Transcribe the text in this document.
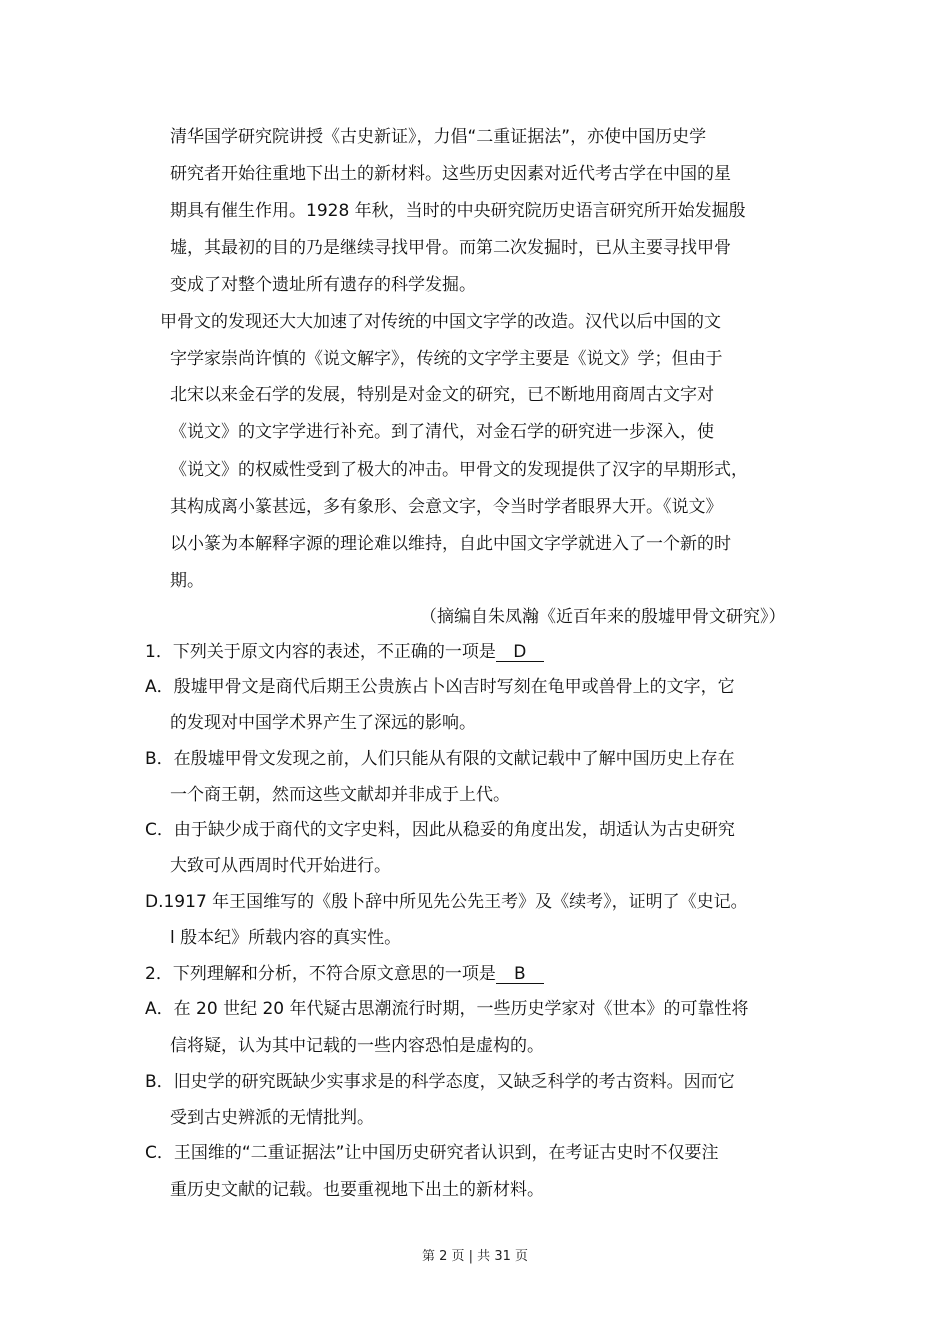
清华国学研究院讲授《古史新证》，力倡“二重证据法”，亦使中国历史学
研究者开始往重地下出土的新材料。这些历史因素对近代考古学在中国的星
期具有催生作用。1928 年秋，当时的中央研究院历史语言研究所开始发掘殷
墟，其最初的目的乃是继续寻找甲骨。而第二次发掘时，已从主要寻找甲骨
变成了对整个遗址所有遗存的科学发掘。
甲骨文的发现还大大加速了对传统的中国文字学的改造。汉代以后中国的文
字学家崇尚许慎的《说文解字》，传统的文字学主要是《说文》学；但由于
北宋以来金石学的发展，特别是对金文的研究，已不断地用商周古文字对
《说文》的文字学进行补充。到了清代，对金石学的研究进一步深入，使
《说文》的权威性受到了极大的冲击。甲骨文的发现提供了汉字的早期形式，
其构成离小篆甚远，多有象形、会意文字，令当时学者眼界大开。《说文》
以小篆为本解释字源的理论难以维持，自此中国文字学就进入了一个新的时
期。
（摘编自朱凤瀚《近百年来的殷墟甲骨文研究》）
1．下列关于原文内容的表述，不正确的一项是 D
A．殷墟甲骨文是商代后期王公贵族占卜凶吉时写刻在龟甲或兽骨上的文字，它
的发现对中国学术界产生了深远的影响。
B．在殷墟甲骨文发现之前，人们只能从有限的文献记载中了解中国历史上存在
一个商王朝，然而这些文献却并非成于上代。
C．由于缺少成于商代的文字史料，因此从稳妥的角度出发，胡适认为古史研究
大致可从西周时代开始进行。
D.1917 年王国维写的《殷卜辞中所见先公先王考》及《续考》，证明了《史记。
l 殷本纪》所载内容的真实性。
2．下列理解和分析，不符合原文意思的一项是 B
A．在 20 世纪 20 年代疑古思潮流行时期，一些历史学家对《世本》的可靠性将
信将疑，认为其中记载的一些内容恐怕是虚构的。
B．旧史学的研究既缺少实事求是的科学态度，又缺乏科学的考古资料。因而它
受到古史辨派的无情批判。
C．王国维的“二重证据法”让中国历史研究者认识到，在考证古史时不仅要注
重历史文献的记载。也要重视地下出土的新材料。
第 2 页 | 共 31 页
